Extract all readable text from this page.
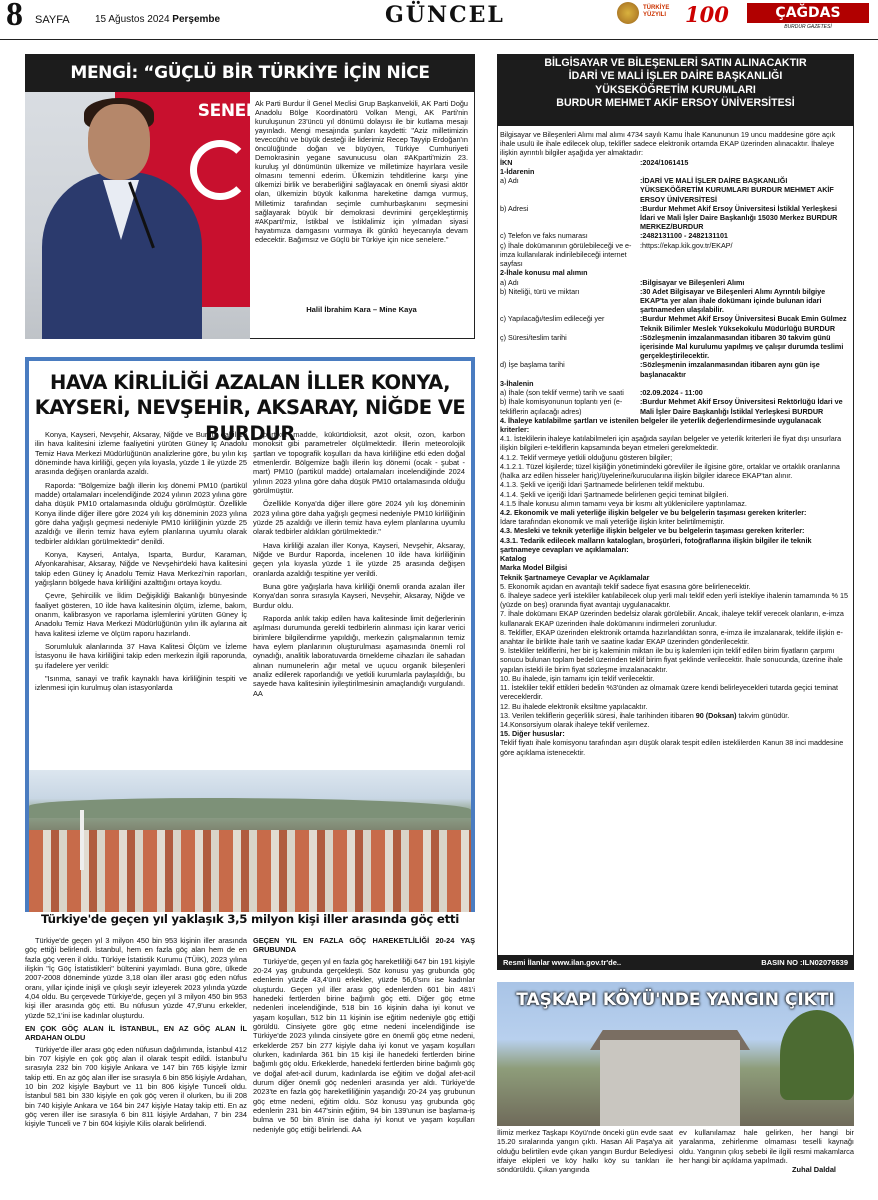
8 SAYFA	15 Ağustos 2024 Perşembe	GÜNCEL	TÜRKİYE
YÜZYILI 100	ÇAĞDAS
BURDUR GAZETESİ
MENGİ: “GÜÇLÜ BİR TÜRKİYE İÇİN NİCE SENELERE”
Ak Parti Burdur İl Genel Meclisi Grup Başkanvekili, AK Parti Doğu Anadolu Bölge Koordinatörü Volkan Mengi, AK Parti'nin kuruluşunun 23'üncü yıl dönümü dolayısı ile bir kutlama mesajı yayınladı. Mengi mesajında şunları kaydetti: "Aziz milletimizin teveccühü ve büyük desteği ile liderimiz Recep Tayyip Erdoğan'ın öncülüğünde doğan ve büyüyen, Türkiye Cumhuriyeti Demokrasinin yegane savunucusu olan #AKparti'mizin 23. kuruluş yıl dönümünün ülkemize ve milletimize hayırlara vesile olmasını temenni ederim. Ülkemizin tehditlerine karşı yine ülkemizi birlik ve beraberliğini sağlayacak en önemli siyasi aktör olan, ülkemizin büyük kalkınma hareketine damga vurmuş, Milletimiz tarafından seçimle cumhurbaşkanını seçmesini sağlayarak büyük bir demokrasi devrimini gerçekleştirmiş #AKparti'miz, İstikbal ve İstiklalimiz için yılmadan siyasi hayatımıza damgasını vurmaya ilk günkü heyecanıyla devam edecektir. Bağımsız ve Güçlü bir Türkiye için nice senelere."
Halil İbrahim Kara – Mine Kaya
HAVA KİRLİLİĞİ AZALAN İLLER KONYA, KAYSERİ, NEVŞEHİR, AKSARAY, NİĞDE VE BURDUR

Konya, Kayseri, Nevşehir, Aksaray, Niğde ve Burdur dahil 10 ilin hava kalitesini izleme faaliyetini yürüten Güney İç Anadolu Temiz Hava Merkezi Müdürlüğünün analizlerine göre, bu yılın kış döneminde hava kirliliği, geçen yıla kıyasla, yüzde 1 ile yüzde 25 arasında değişen oranlarda azaldı.

Raporda: "Bölgemize bağlı illerin kış dönemi PM10 (partikül madde) ortalamaları incelendiğinde 2024 yılının 2023 yılına göre daha düşük PM10 ortalamasında olduğu görülmüştür. Özellikle Konya ilinde diğer illere göre 2024 yılı kış döneminin 2023 yılına göre daha yağışlı geçmesi nedeniyle PM10 kirliliğinin yüzde 25 azaldığı ve illerin temiz hava eylem planlarına uyumlu olarak tedbirler aldıkları görülmektedir" denildi.

Konya, Kayseri, Antalya, Isparta, Burdur, Karaman, Afyonkarahisar, Aksaray, Niğde ve Nevşehir'deki hava kalitesini takip eden Güney İç Anadolu Temiz Hava Merkezi'nin raporları, yağışların bölgede hava kirliliğini azalttığını ortaya koydu.

Çevre, Şehircilik ve İklim Değişikliği Bakanlığı bünyesinde faaliyet gösteren, 10 ilde hava kalitesinin ölçüm, izleme, bakım, onarım, kalibrasyon ve raporlama işlemlerini yürüten Güney İç Anadolu Temiz Hava Merkezi Müdürlüğünün yılın ilk aylarına ait hava kalitesi izleme ve ölçüm raporu hazırlandı.

Sorumluluk alanlarında 37 Hava Kalitesi Ölçüm ve İzleme İstasyonu ile hava kirliliğini takip eden merkezin ilgili raporunda, şu ifadelere yer verildi:

"Isınma, sanayi ve trafik kaynaklı hava kirliliğinin tespiti ve izlenmesi için kurulmuş olan istasyonlarda

partikül madde, kükürtdioksit, azot oksit, ozon, karbon monoksit gibi parametreler ölçülmektedir. İllerin meteorolojik şartları ve topografik koşulları da hava kirliliğine etki eden doğal etmenlerdir. Bölgemize bağlı illerin kış dönemi (ocak - şubat - mart) PM10 (partikül madde) ortalamaları incelendiğinde 2024 yılının 2023 yılına göre daha düşük PM10 ortalamasında olduğu görülmüştür.

Özellikle Konya'da diğer illere göre 2024 yılı kış döneminin 2023 yılına göre daha yağışlı geçmesi nedeniyle PM10 kirliliğinin yüzde 25 azaldığı ve illerin temiz hava eylem planlarına uyumlu olarak tedbirler aldıkları görülmektedir."

Hava kirliliği azalan iller Konya, Kayseri, Nevşehir, Aksaray, Niğde ve Burdur Raporda, incelenen 10 ilde hava kirliliğinin geçen yıla kıyasla yüzde 1 ile yüzde 25 arasında değişen oranlarda azaldığı tespitine yer verildi.

Buna göre yağışlarla hava kirliliği önemli oranda azalan iller Konya'dan sonra sırasıyla Kayseri, Nevşehir, Aksaray, Niğde ve Burdur oldu.

Raporda anlık takip edilen hava kalitesinde limit değerlerinin aşılması durumunda gerekli tedbirlerin alınması için karar verici birimlere bilgilendirme yapıldığı, merkezin çalışmalarının temiz hava eylem planlarının oluşturulması aşamasında önemli rol oynadığı, analitik laboratuvarda örnekleme cihazları ile sahadan alınan numunelerin ağır metal ve uçucu organik bileşenleri analiz edilerek raporlandığı ve yetkili kurumlarla paylaşıldığı, bu sayede hava kalitesinin iyileştirilmesinin amaçlandığı vurgulandı. AA

Türkiye'de geçen yıl yaklaşık 3,5 milyon kişi iller arasında göç etti

Türkiye'de geçen yıl 3 milyon 450 bin 953 kişinin iller arasında göç ettiği belirlendi. İstanbul, hem en fazla göç alan hem de en fazla göç veren il oldu. Türkiye İstatistik Kurumu (TÜİK), 2023 yılına ilişkin "İç Göç İstatistikleri" bültenini yayımladı. Buna göre, ülkede 2007-2008 döneminde yüzde 3,18 olan iller arası göç eden nüfus oranı, yıllar içinde inişli ve çıkışlı seyir izleyerek 2023 yılında yüzde 4,04 oldu. Bu çerçevede Türkiye'de, geçen yıl 3 milyon 450 bin 953 kişi iller arasında göç etti. Bu nüfusun yüzde 47,9'unu erkekler, yüzde 52,1'ini ise kadınlar oluşturdu.

EN ÇOK GÖÇ ALAN İL İSTANBUL, EN AZ GÖÇ ALAN İL ARDAHAN OLDU

Türkiye'de iller arası göç eden nüfusun dağılımında, İstanbul 412 bin 707 kişiyle en çok göç alan il olarak tespit edildi. İstanbul'u sırasıyla 232 bin 700 kişiyle Ankara ve 147 bin 765 kişiyle İzmir takip etti. En az göç alan iller ise sırasıyla 6 bin 856 kişiyle Ardahan, 10 bin 202 kişiyle Bayburt ve 11 bin 806 kişiyle Tunceli oldu. İstanbul 581 bin 330 kişiyle en çok göç veren il olurken, bu ili 208 bin 740 kişiyle Ankara ve 164 bin 247 kişiyle Hatay takip etti. En az göç veren iller ise sırasıyla 6 bin 811 kişiyle Ardahan, 7 bin 234 kişiyle Tunceli ve 7 bin 604 kişiyle Kilis olarak belirlendi.

GEÇEN YIL EN FAZLA GÖÇ HAREKETLİLİĞİ 20-24 YAŞ GRUBUNDA

Türkiye'de, geçen yıl en fazla göç hareketliliği 647 bin 191 kişiyle 20-24 yaş grubunda gerçekleşti. Söz konusu yaş grubunda göç edenlerin yüzde 43,4'ünü erkekler, yüzde 56,6'sını ise kadınlar oluşturdu. Geçen yıl iller arası göç edenlerden 601 bin 481'i hanedeki fertlerden birine bağımlı göç etti. Diğer göç etme nedenleri incelendiğinde, 518 bin 16 kişinin daha iyi konut ve yaşam koşulları, 512 bin 11 kişinin ise eğitim nedeniyle göç ettiği görüldü. Cinsiyete göre göç etme nedeni incelendiğinde ise Türkiye'de 2023 yılında cinsiyete göre en önemli göç etme nedeni, erkeklerde 257 bin 277 kişiyle daha iyi konut ve yaşam koşulları olurken, kadınlarda 361 bin 15 kişi ile hanedeki fertlerden birine bağımlı göç oldu. Erkeklerde, hanedeki fertlerden birine bağımlı göç ve doğal afet-acil durum, kadınlarda ise eğitim ve doğal afet-acil durum diğer önemli göç nedenleri arasında yer aldı. Türkiye'de 2023'te en fazla göç hareketliliğinin yaşandığı 20-24 yaş grubunun göç etme nedeni, eğitim oldu. Söz konusu yaş grubunda göç edenlerin 231 bin 447'sinin eğitim, 94 bin 139'unun ise başlama-iş bulma ve 50 bin 8'inin ise daha iyi konut ve yaşam koşulları nedeniyle göç ettiği belirlendi. AA

BİLGİSAYAR VE BİLEŞENLERİ SATIN ALINACAKTIR
İDARİ VE MALİ İŞLER DAİRE BAŞKANLIĞI
YÜKSEKÖĞRETİM KURUMLARI
BURDUR MEHMET AKİF ERSOY ÜNİVERSİTESİ

Bilgisayar ve Bileşenleri Alımı mal alımı 4734 sayılı Kamu İhale Kanununun 19 uncu maddesine göre açık ihale usulü ile ihale edilecek olup, teklifler sadece elektronik ortamda EKAP üzerinden alınacaktır. İhaleye ilişkin ayrıntılı bilgiler aşağıda yer almaktadır:

İKN	:2024/1061415

1-İdarenin

a) Adı	:İDARİ VE MALİ İŞLER DAİRE BAŞKANLIĞI YÜKSEKÖĞRETİM KURUMLARI BURDUR MEHMET AKİF ERSOY ÜNİVERSİTESİ
b) Adresi	:Burdur Mehmet Akif Ersoy Üniversitesi İstiklal Yerleşkesi İdari ve Mali İşler Daire Başkanlığı 15030 Merkez BURDUR MERKEZ/BURDUR
c) Telefon ve faks numarası	:2482131100 - 2482131101
ç) İhale dokümanının görülebileceği ve e-imza kullanılarak indirilebileceği internet sayfası
:https://ekap.kik.gov.tr/EKAP/

2-İhale konusu mal alımın

a) Adı	:Bilgisayar ve Bileşenleri Alımı
b) Niteliği, türü ve miktarı	:30 Adet Bilgisayar ve Bileşenleri Alımı Ayrıntılı bilgiye EKAP'ta yer alan ihale dokümanı içinde bulunan idari şartnameden ulaşılabilir.
c) Yapılacağı/teslim edileceği yer	:Burdur Mehmet Akif Ersoy Üniversitesi Bucak Emin Gülmez Teknik Bilimler Meslek Yüksekokulu Müdürlüğü BURDUR
ç) Süresi/teslim tarihi	:Sözleşmenin imzalanmasından itibaren 30 takvim günü içerisinde Mal kurulumu yapılmış ve çalışır durumda teslimi gerçekleştirilecektir.
d) İşe başlama tarihi	:Sözleşmenin imzalanmasından itibaren aynı gün işe başlanacaktır

3-İhalenin

a) İhale (son teklif verme) tarih ve saati	:02.09.2024 - 11:00
b) İhale komisyonunun toplantı yeri (e-tekliflerin açılacağı adres)
:Burdur Mehmet Akif Ersoy Üniversitesi Rektörlüğü İdari ve Mali İşler Daire Başkanlığı İstiklal Yerleşkesi BURDUR

4. İhaleye katılabilme şartları ve istenilen belgeler ile yeterlik değerlendirmesinde uygulanacak kriterler:

4.1. İsteklilerin ihaleye katılabilmeleri için aşağıda sayılan belgeler ve yeterlik kriterleri ile fiyat dışı unsurlara ilişkin bilgileri e-tekliflerin kapsamında beyan etmeleri gerekmektedir.

4.1.2. Teklif vermeye yetkili olduğunu gösteren bilgiler;

4.1.2.1. Tüzel kişilerde; tüzel kişiliğin yönetimindeki görevliler ile ilgisine göre, ortaklar ve ortaklık oranlarına (halka arz edilen hisseler hariç)/üyelerine/kurucularına ilişkin bilgiler idarece EKAP'tan alınır.

4.1.3. Şekli ve içeriği İdari Şartnamede belirlenen teklif mektubu.

4.1.4. Şekli ve içeriği İdari Şartnamede belirlenen geçici teminat bilgileri.

4.1.5 İhale konusu alımın tamamı veya bir kısmı alt yüklenicilere yaptırılamaz.

4.2. Ekonomik ve mali yeterliğe ilişkin belgeler ve bu belgelerin taşıması gereken kriterler:

İdare tarafından ekonomik ve mali yeterliğe ilişkin kriter belirtilmemiştir.

4.3. Mesleki ve teknik yeterliğe ilişkin belgeler ve bu belgelerin taşıması gereken kriterler:

4.3.1. Tedarik edilecek malların katalogları, broşürleri, fotoğraflarına ilişkin bilgiler ile teknik şartnameye cevapları ve açıklamaları:

Katalog

Marka Model Bilgisi

Teknik Şartnameye Cevaplar ve Açıklamalar

5. Ekonomik açıdan en avantajlı teklif sadece fiyat esasına göre belirlenecektir.

6. İhaleye sadece yerli istekliler katılabilecek olup yerli malı teklif eden yerli istekliye ihalenin tamamında % 15 (yüzde on beş) oranında fiyat avantajı uygulanacaktır.

7. İhale dokümanı EKAP üzerinden bedelsiz olarak görülebilir. Ancak, ihaleye teklif verecek olanların, e-imza kullanarak EKAP üzerinden ihale dokümanını indirmeleri zorunludur.

8. Teklifler, EKAP üzerinden elektronik ortamda hazırlandıktan sonra, e-imza ile imzalanarak, teklife ilişkin e-anahtar ile birlikte ihale tarih ve saatine kadar EKAP üzerinden gönderilecektir.

9. İstekliler tekliflerini, her bir iş kaleminin miktarı ile bu iş kalemleri için teklif edilen birim fiyatların çarpımı sonucu bulunan toplam bedel üzerinden teklif birim fiyat şeklinde verilecektir. İhale sonucunda, üzerine ihale yapılan istekli ile birim fiyat sözleşme imzalanacaktır.

10. Bu ihalede, işin tamamı için teklif verilecektir.

11. İstekliler teklif ettikleri bedelin %3'ünden az olmamak üzere kendi belirleyecekleri tutarda geçici teminat vereceklerdir.

12. Bu ihalede elektronik eksiltme yapılacaktır.

13. Verilen tekliflerin geçerlilik süresi, ihale tarihinden itibaren 90 (Doksan) takvim günüdür.

14.Konsorsiyum olarak ihaleye teklif verilemez.

15. Diğer hususlar:

Teklif fiyatı ihale komisyonu tarafından aşırı düşük olarak tespit edilen isteklilerden Kanun 38 inci maddesine göre açıklama istenecektir.

Resmi İlanlar www.ilan.gov.tr'de..	BASIN NO :ILN02076539
TAŞKAPI KÖYÜ'NDE YANGIN ÇIKTI
İlimiz merkez Taşkapı Köyü'nde önceki gün evde saat 15.20 sıralarında yangın çıktı. Hasan Ali Paşa'ya ait olduğu belirtilen evde çıkan yangın Burdur Belediyesi itfaiye ekipleri ve köy halkı köy su tankları ile söndürüldü. Çıkan yangında

ev kullanılamaz hale gelirken, her hangi bir yaralanma, zehirlenme olmaması teselli kaynağı oldu. Yangının çıkış sebebi ile ilgili resmi makamlarca her hangi bir açıklama yapılmadı.

Zuhal Daldal
